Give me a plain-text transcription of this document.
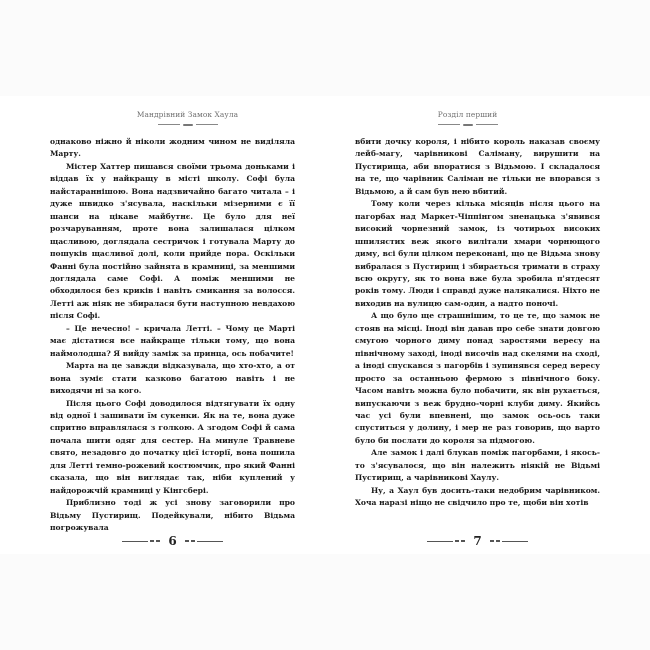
Мандрівний Замок Хаула

однаково ніжно й ніколи жодним чином не виділяла Марту.

Містер Хаттер пишався своїми трьома доньками і віддав їх у найкращу в місті школу. Софі була найстараннішою. Вона надзвичайно багато читала – і дуже швидко з'ясувала, наскільки мізерними є її шанси на цікаве майбутнє. Це було для неї розчаруванням, проте вона залишалася цілком щасливою, доглядала сестричок і готувала Марту до пошуків щасливої долі, коли прийде пора. Оскільки Фанні була постійно зайнята в крамниці, за меншими доглядала саме Софі. А поміж меншими не обходилося без криків і навіть смикання за волосся. Летті аж ніяк не збиралася бути наступною невдахою після Софі.

– Це нечесно! – кричала Летті. – Чому це Марті має дістатися все найкраще тільки тому, що вона наймолодша? Я вийду заміж за принца, ось побачите!

Марта на це завжди відказувала, що хто-хто, а от вона зуміє стати казково багатою навіть і не виходячи ні за кого.

Після цього Софі доводилося відтягувати їх одну від одної і зашивати їм сукенки. Як на те, вона дуже спритно вправлялася з голкою. А згодом Софі й сама почала шити одяг для сестер. На минуле Травневе свято, незадовго до початку цієї історії, вона пошила для Летті темно-рожевий костюмчик, про який Фанні сказала, що він виглядає так, ніби куплений у найдорожчій крамниці у Кінгсбері.

Приблизно тоді ж усі знову заговорили про Відьму Пустирищ. Подейкували, нібито Відьма погрожувала

6
Розділ перший

вбити дочку короля, і нібито король наказав своєму лейб-магу, чарівникові Саліману, вирушити на Пустирища, аби впоратися з Відьмою. І складалося на те, що чарівник Саліман не тільки не впорався з Відьмою, а й сам був нею вбитий.

Тому коли через кілька місяців після цього на пагорбах над Маркет-Чіппінгом зненацька з'явився високий чорнезний замок, із чотирьох високих шпилястих веж якого вилітали хмари чорнющого диму, всі були цілком переконані, що це Відьма знову вибралася з Пустирищ і збирається тримати в страху всю округу, як то вона вже була зробила п'ятдесят років тому. Люди і справді дуже налякалися. Ніхто не виходив на вулицю сам-один, а надто поночі.

А що було ще страшнішим, то це те, що замок не стояв на місці. Іноді він давав про себе знати довгою смугою чорного диму понад заростями вересу на північному заході, іноді височів над скелями на сході, а іноді спускався з пагорбів і зупинявся серед вересу просто за останньою фермою з північного боку. Часом навіть можна було побачити, як він рухається, випускаючи з веж брудно-чорні клуби диму. Якийсь час усі були впевнені, що замок ось-ось таки спуститься у долину, і мер не раз говорив, що варто було би послати до короля за підмогою.

Але замок і далі блукав поміж пагорбами, і якось-то з'ясувалося, що він належить ніякій не Відьмі Пустирищ, а чарівникові Хаулу.

Ну, а Хаул був досить-таки недобрим чарівником. Хоча наразі ніщо не свідчило про те, щоби він хотів

7
